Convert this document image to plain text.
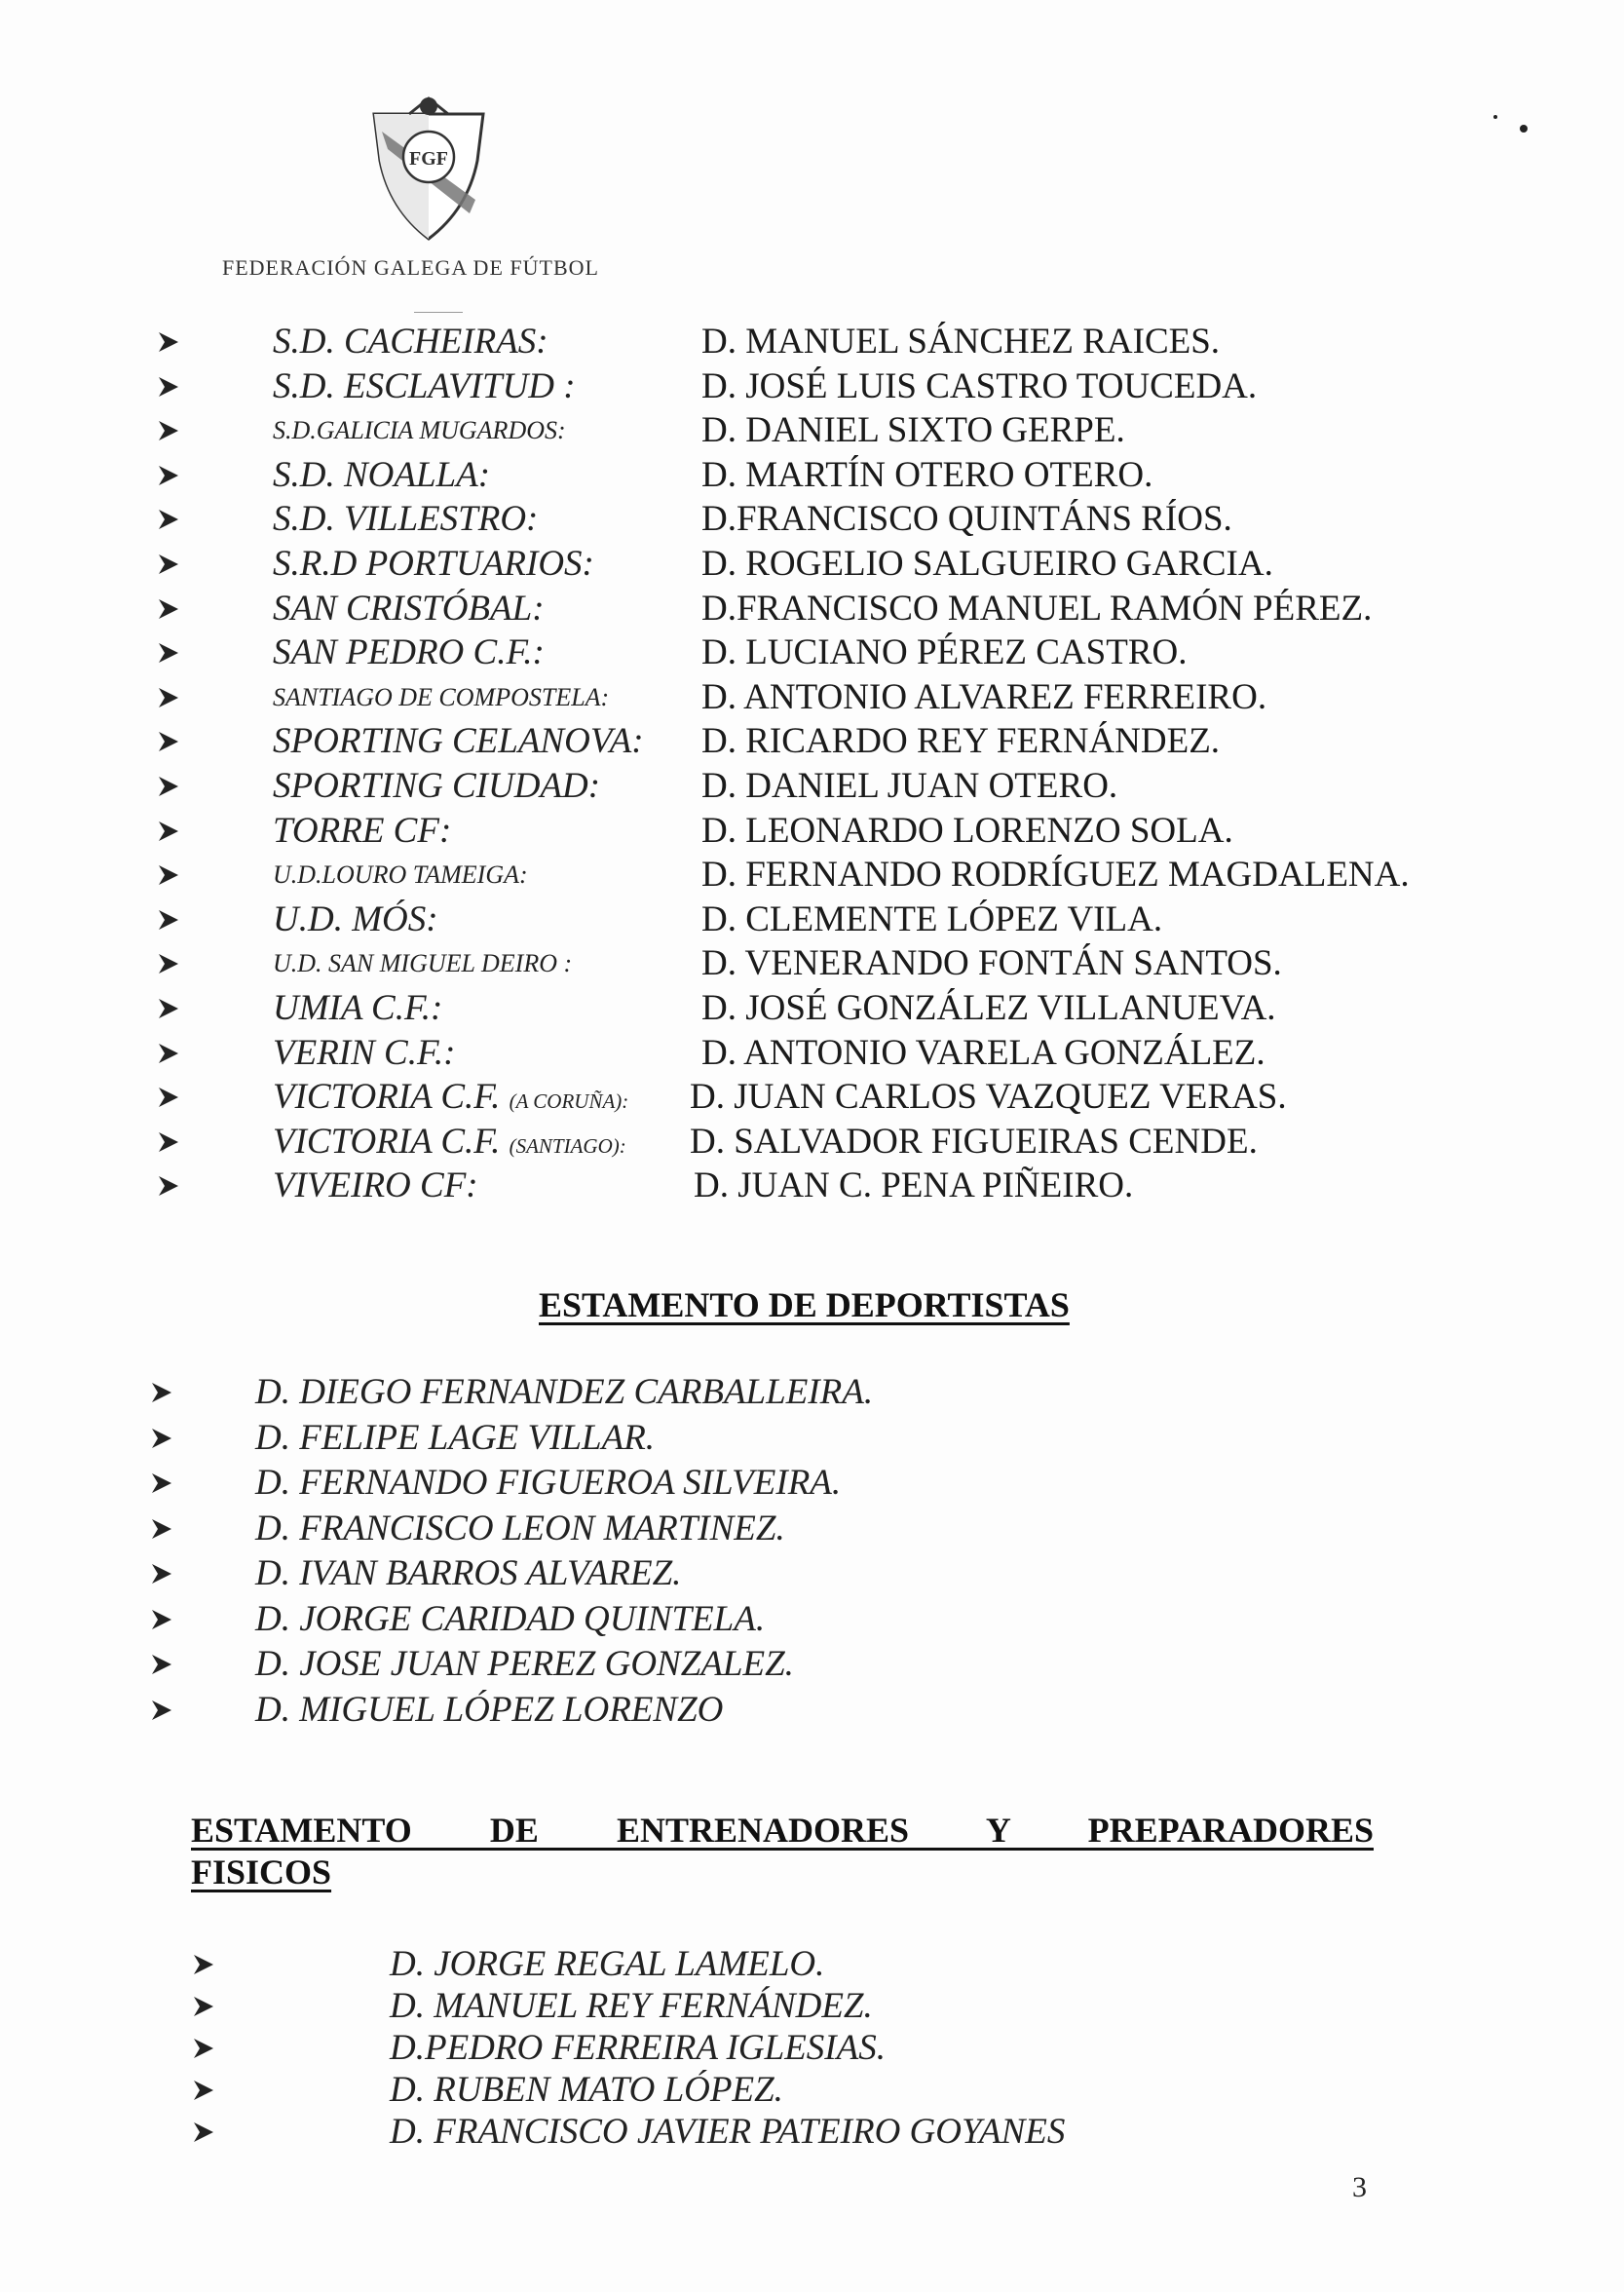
FGF
FEDERACIÓN GALEGA DE FÚTBOL
S.D. CACHEIRAS:	D. MANUEL SÁNCHEZ RAICES.
S.D. ESCLAVITUD :	D. JOSÉ LUIS CASTRO TOUCEDA.
S.D.GALICIA MUGARDOS:	D. DANIEL SIXTO GERPE.
S.D. NOALLA:	D. MARTÍN OTERO OTERO.
S.D. VILLESTRO:	D.FRANCISCO QUINTÁNS RÍOS.
S.R.D PORTUARIOS:	D. ROGELIO SALGUEIRO GARCIA.
SAN CRISTÓBAL:	D.FRANCISCO MANUEL RAMÓN PÉREZ.
SAN PEDRO C.F.:	D. LUCIANO PÉREZ CASTRO.
SANTIAGO DE COMPOSTELA:	D. ANTONIO ALVAREZ FERREIRO.
SPORTING CELANOVA: D. RICARDO REY FERNÁNDEZ.
SPORTING CIUDAD:	D. DANIEL JUAN OTERO.
TORRE CF:	D. LEONARDO LORENZO SOLA.
U.D.LOURO TAMEIGA:	D. FERNANDO RODRÍGUEZ MAGDALENA.
U.D. MÓS:	D. CLEMENTE LÓPEZ VILA.
U.D. SAN MIGUEL DEIRO :	D. VENERANDO FONTÁN SANTOS.
UMIA C.F.:	D. JOSÉ GONZÁLEZ VILLANUEVA.
VERIN C.F.:	D. ANTONIO VARELA GONZÁLEZ.
VICTORIA C.F. (A CORUÑA): D. JUAN CARLOS VAZQUEZ VERAS.
VICTORIA C.F. (SANTIAGO): D. SALVADOR FIGUEIRAS CENDE.
VIVEIRO CF:	D. JUAN C. PENA PIÑEIRO.
ESTAMENTO DE DEPORTISTAS
D. DIEGO FERNANDEZ CARBALLEIRA.
D. FELIPE LAGE VILLAR.
D. FERNANDO FIGUEROA SILVEIRA.
D. FRANCISCO LEON MARTINEZ.
D. IVAN BARROS ALVAREZ.
D. JORGE CARIDAD QUINTELA.
D. JOSE JUAN PEREZ GONZALEZ.
D. MIGUEL LÓPEZ LORENZO
ESTAMENTO DE ENTRENADORES Y PREPARADORES
FISICOS
D. JORGE REGAL LAMELO.
D. MANUEL REY FERNÁNDEZ.
D.PEDRO FERREIRA IGLESIAS.
D. RUBEN MATO LÓPEZ.
D. FRANCISCO JAVIER PATEIRO GOYANES
3
